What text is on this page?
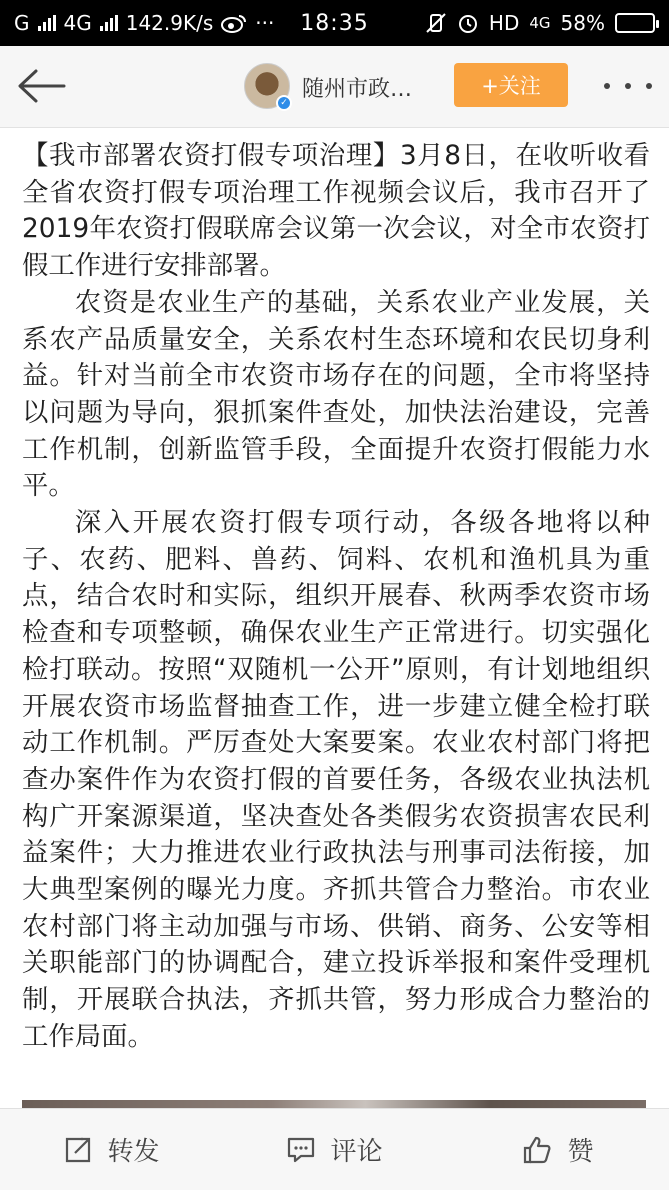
G 4G 142.9K/s ··· 18:35	HD 4G 58%
✓
随州市政…	+关注

【我市部署农资打假专项治理】3月8日，在收听收看全省农资打假专项治理工作视频会议后，我市召开了2019年农资打假联席会议第一次会议，对全市农资打假工作进行安排部署。

农资是农业生产的基础，关系农业产业发展，关系农产品质量安全，关系农村生态环境和农民切身利益。针对当前全市农资市场存在的问题，全市将坚持以问题为导向，狠抓案件查处，加快法治建设，完善工作机制，创新监管手段，全面提升农资打假能力水平。

深入开展农资打假专项行动，各级各地将以种子、农药、肥料、兽药、饲料、农机和渔机具为重点，结合农时和实际，组织开展春、秋两季农资市场检查和专项整顿，确保农业生产正常进行。切实强化检打联动。按照“双随机一公开”原则，有计划地组织开展农资市场监督抽查工作，进一步建立健全检打联动工作机制。严厉查处大案要案。农业农村部门将把查办案件作为农资打假的首要任务，各级农业执法机构广开案源渠道，坚决查处各类假劣农资损害农民利益案件；大力推进农业行政执法与刑事司法衔接，加大典型案例的曝光力度。齐抓共管合力整治。市农业农村部门将主动加强与市场、供销、商务、公安等相关职能部门的协调配合，建立投诉举报和案件受理机制，开展联合执法，齐抓共管，努力形成合力整治的工作局面。

转发	评论	赞
